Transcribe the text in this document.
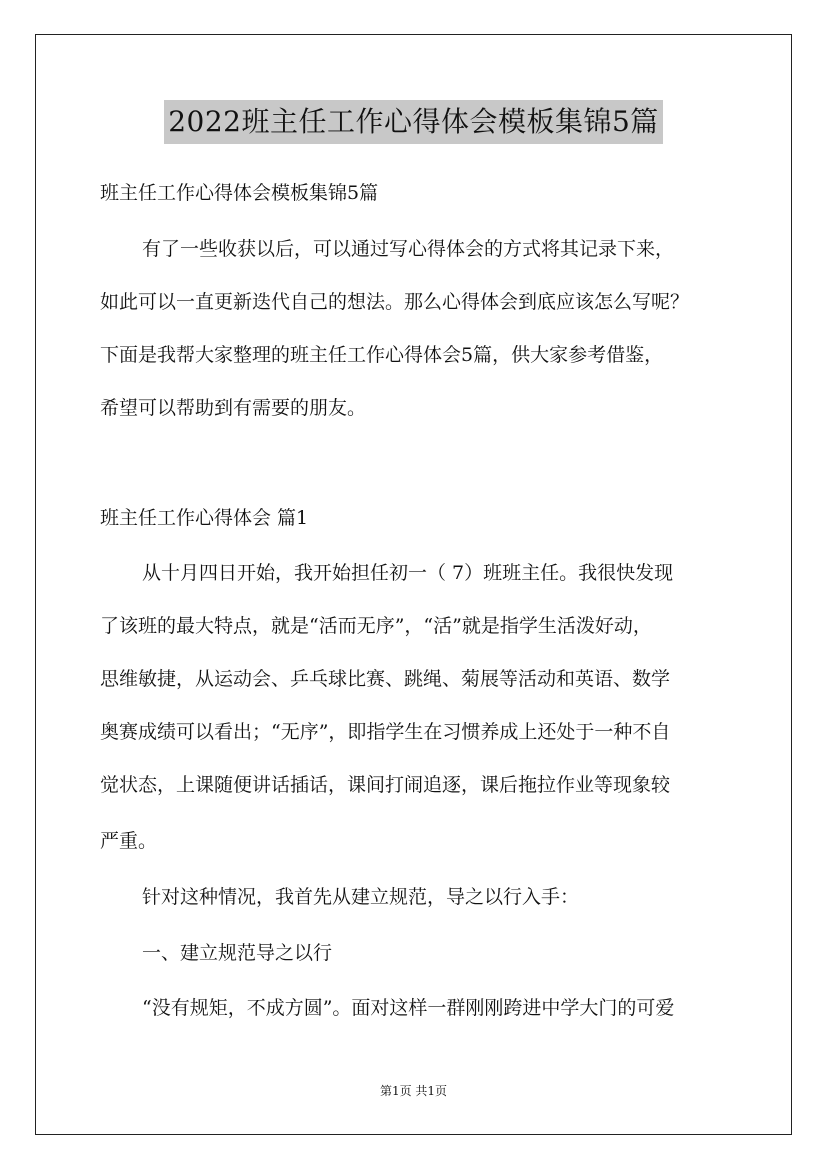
2022班主任工作心得体会模板集锦5篇

班主任工作心得体会模板集锦5篇

有了一些收获以后，可以通过写心得体会的方式将其记录下来，

如此可以一直更新迭代自己的想法。那么心得体会到底应该怎么写呢？

下面是我帮大家整理的班主任工作心得体会5篇，供大家参考借鉴，

希望可以帮助到有需要的朋友。

班主任工作心得体会 篇1

从十月四日开始，我开始担任初一（ 7）班班主任。我很快发现

了该班的最大特点，就是“活而无序”，“活”就是指学生活泼好动，

思维敏捷，从运动会、乒乓球比赛、跳绳、菊展等活动和英语、数学

奥赛成绩可以看出；“无序”，即指学生在习惯养成上还处于一种不自

觉状态，上课随便讲话插话，课间打闹追逐，课后拖拉作业等现象较

严重。

针对这种情况，我首先从建立规范，导之以行入手：

一、建立规范导之以行

“没有规矩，不成方圆”。面对这样一群刚刚跨进中学大门的可爱

第1页 共1页
